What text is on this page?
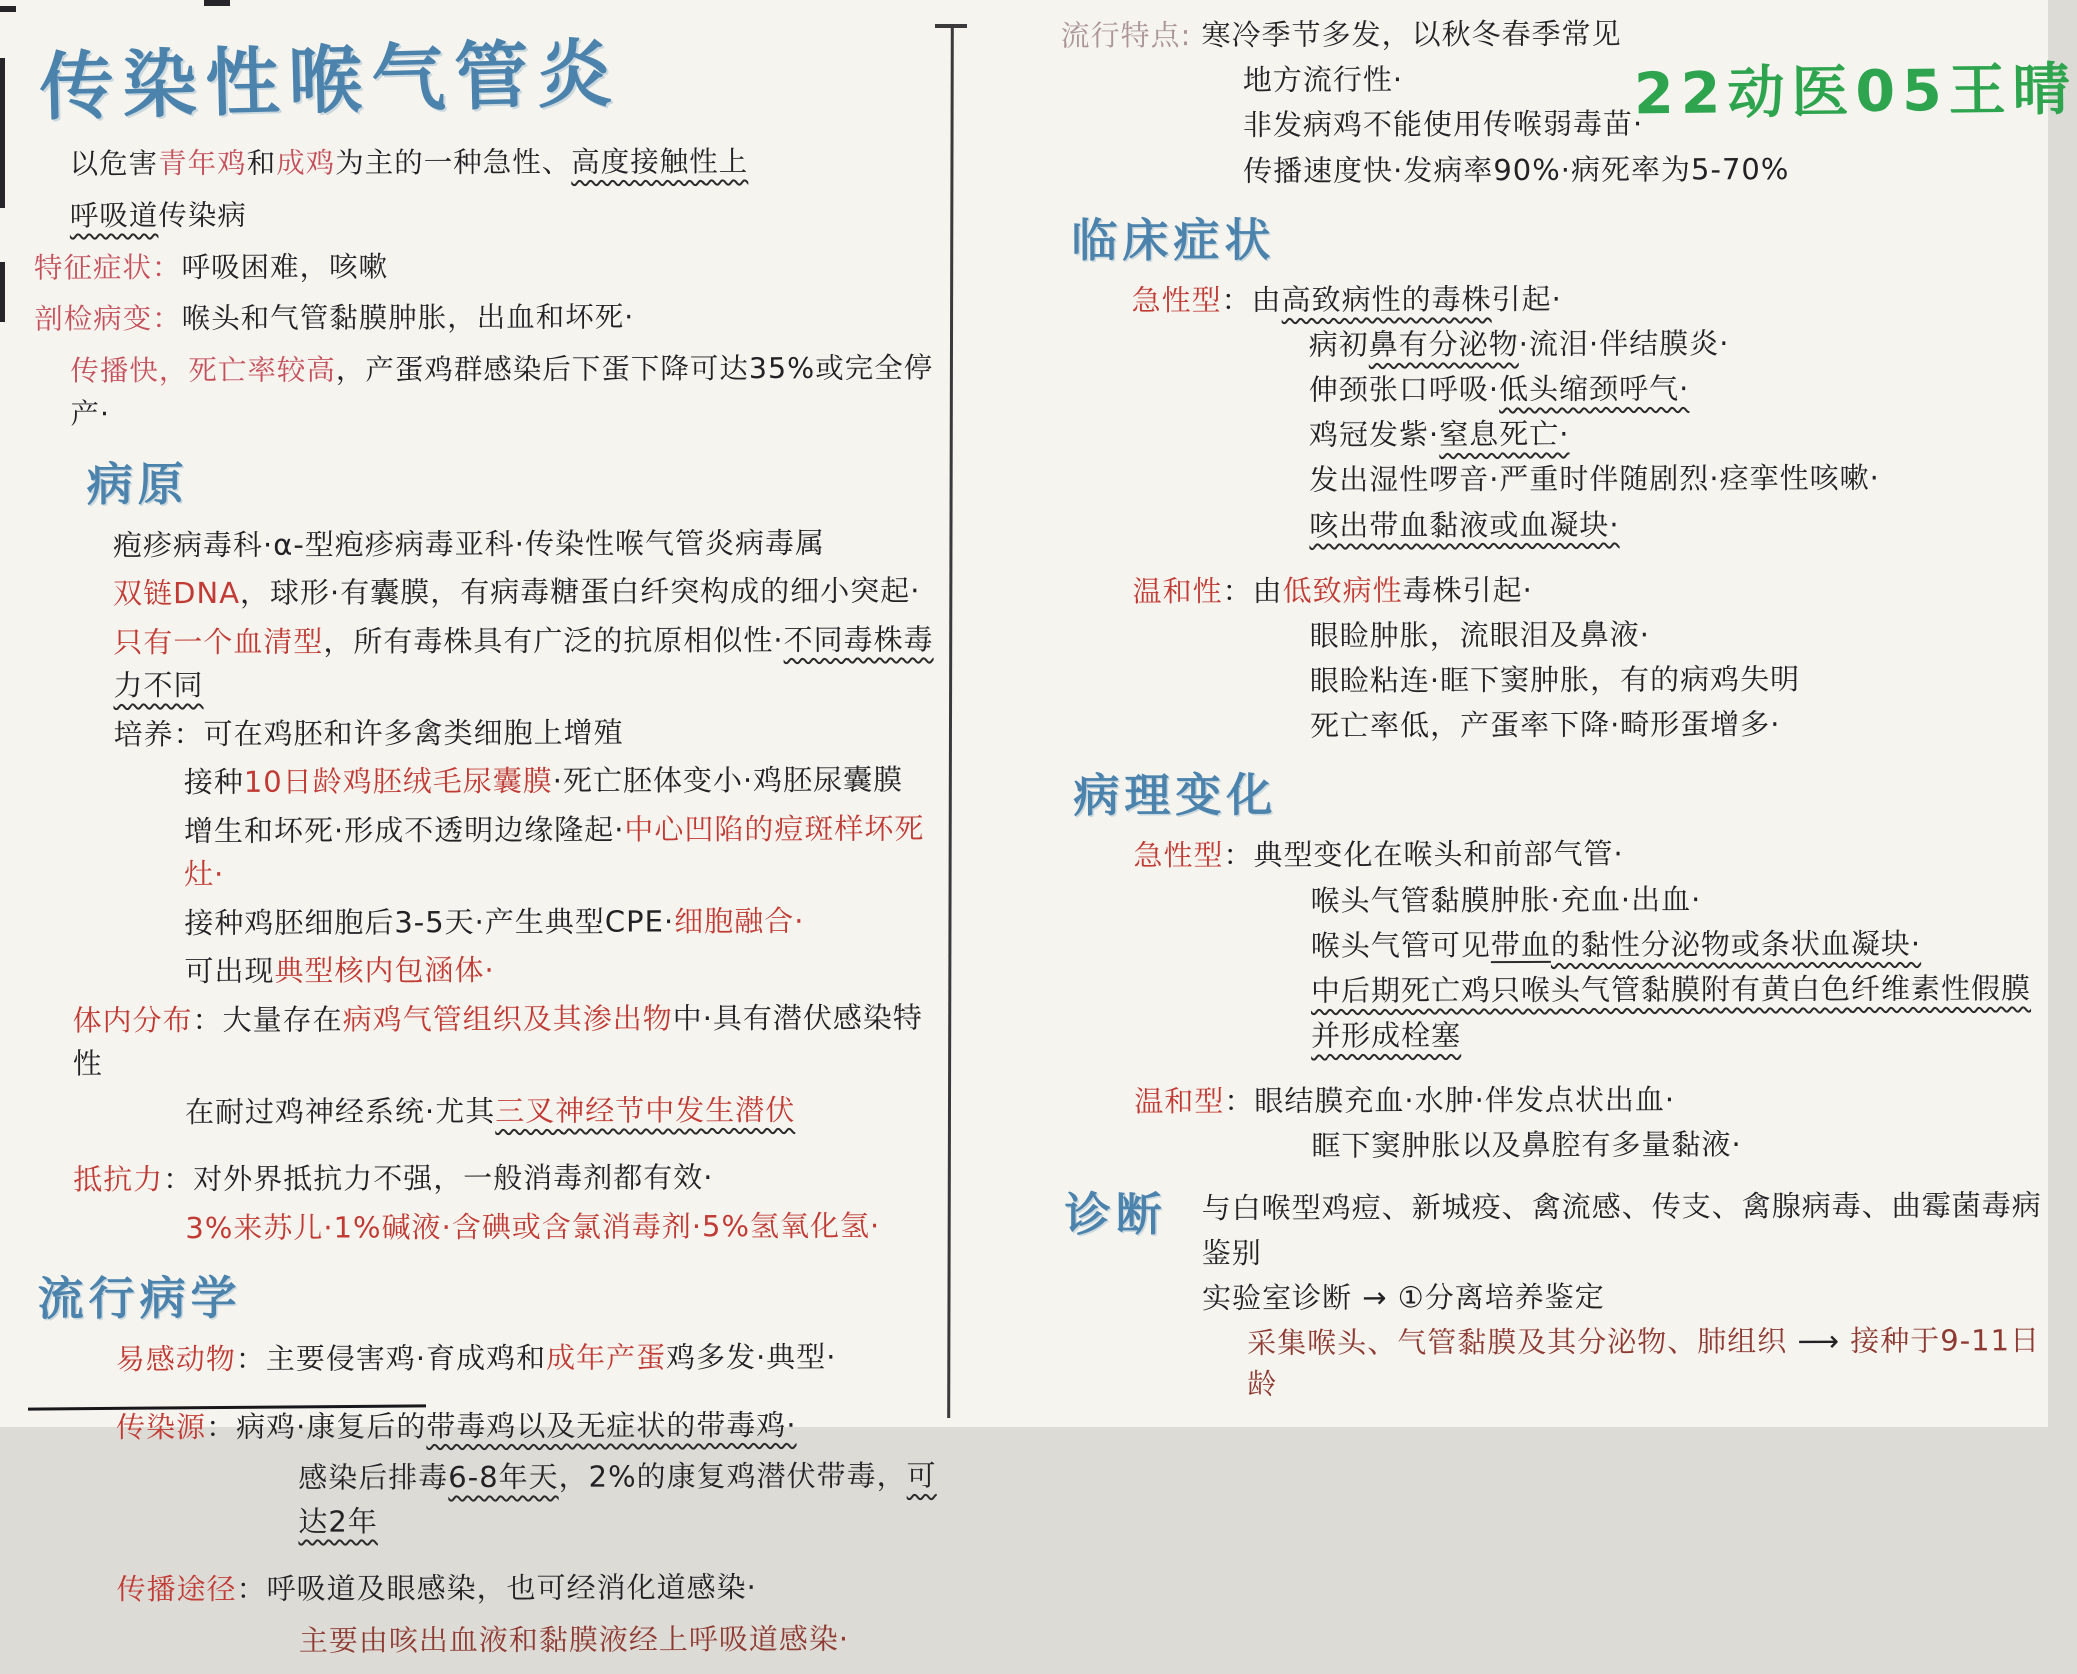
传染性喉气管炎
以危害青年鸡和成鸡为主的一种急性、高度接触性上
呼吸道传染病
特征症状：呼吸困难，咳嗽
剖检病变：喉头和气管黏膜肿胀，出血和坏死·
传播快，死亡率较高，产蛋鸡群感染后下蛋下降可达35%或完全停产·
病原
疱疹病毒科·α-型疱疹病毒亚科·传染性喉气管炎病毒属
双链DNA，球形·有囊膜，有病毒糖蛋白纤突构成的细小突起·
只有一个血清型，所有毒株具有广泛的抗原相似性·不同毒株毒力不同
培养：可在鸡胚和许多禽类细胞上增殖
接种10日龄鸡胚绒毛尿囊膜·死亡胚体变小·鸡胚尿囊膜
增生和坏死·形成不透明边缘隆起·中心凹陷的痘斑样坏死灶·
接种鸡胚细胞后3-5天·产生典型CPE·细胞融合·
可出现典型核内包涵体·
体内分布：大量存在病鸡气管组织及其渗出物中·具有潜伏感染特性
在耐过鸡神经系统·尤其三叉神经节中发生潜伏
抵抗力：对外界抵抗力不强，一般消毒剂都有效·
3%来苏儿·1%碱液·含碘或含氯消毒剂·5%氢氧化氢·
流行病学
易感动物：主要侵害鸡·育成鸡和成年产蛋鸡多发·典型·
传染源：病鸡·康复后的带毒鸡以及无症状的带毒鸡·
感染后排毒6-8年天，2%的康复鸡潜伏带毒，可达2年
传播途径：呼吸道及眼感染，也可经消化道感染·
主要由咳出血液和黏膜液经上呼吸道感染·
流行特点: 寒冷季节多发，以秋冬春季常见
地方流行性·
非发病鸡不能使用传喉弱毒苗·
传播速度快·发病率90%·病死率为5-70%
临床症状
急性型：由高致病性的毒株引起·
病初鼻有分泌物·流泪·伴结膜炎·
伸颈张口呼吸·低头缩颈呼气·
鸡冠发紫·窒息死亡·
发出湿性啰音·严重时伴随剧烈·痉挛性咳嗽·
咳出带血黏液或血凝块·
温和性：由低致病性毒株引起·
眼睑肿胀，流眼泪及鼻液·
眼睑粘连·眶下窦肿胀，有的病鸡失明
死亡率低，产蛋率下降·畸形蛋增多·
病理变化
急性型：典型变化在喉头和前部气管·
喉头气管黏膜肿胀·充血·出血·
喉头气管可见带血的黏性分泌物或条状血凝块·
中后期死亡鸡只喉头气管黏膜附有黄白色纤维素性假膜
并形成栓塞
温和型：眼结膜充血·水肿·伴发点状出血·
眶下窦肿胀以及鼻腔有多量黏液·
诊断	与白喉型鸡痘、新城疫、禽流感、传支、禽腺病毒、曲霉菌毒病
鉴别
实验室诊断 → ①分离培养鉴定
采集喉头、气管黏膜及其分泌物、肺组织 ⟶ 接种于9-11日龄
22动医05王晴
